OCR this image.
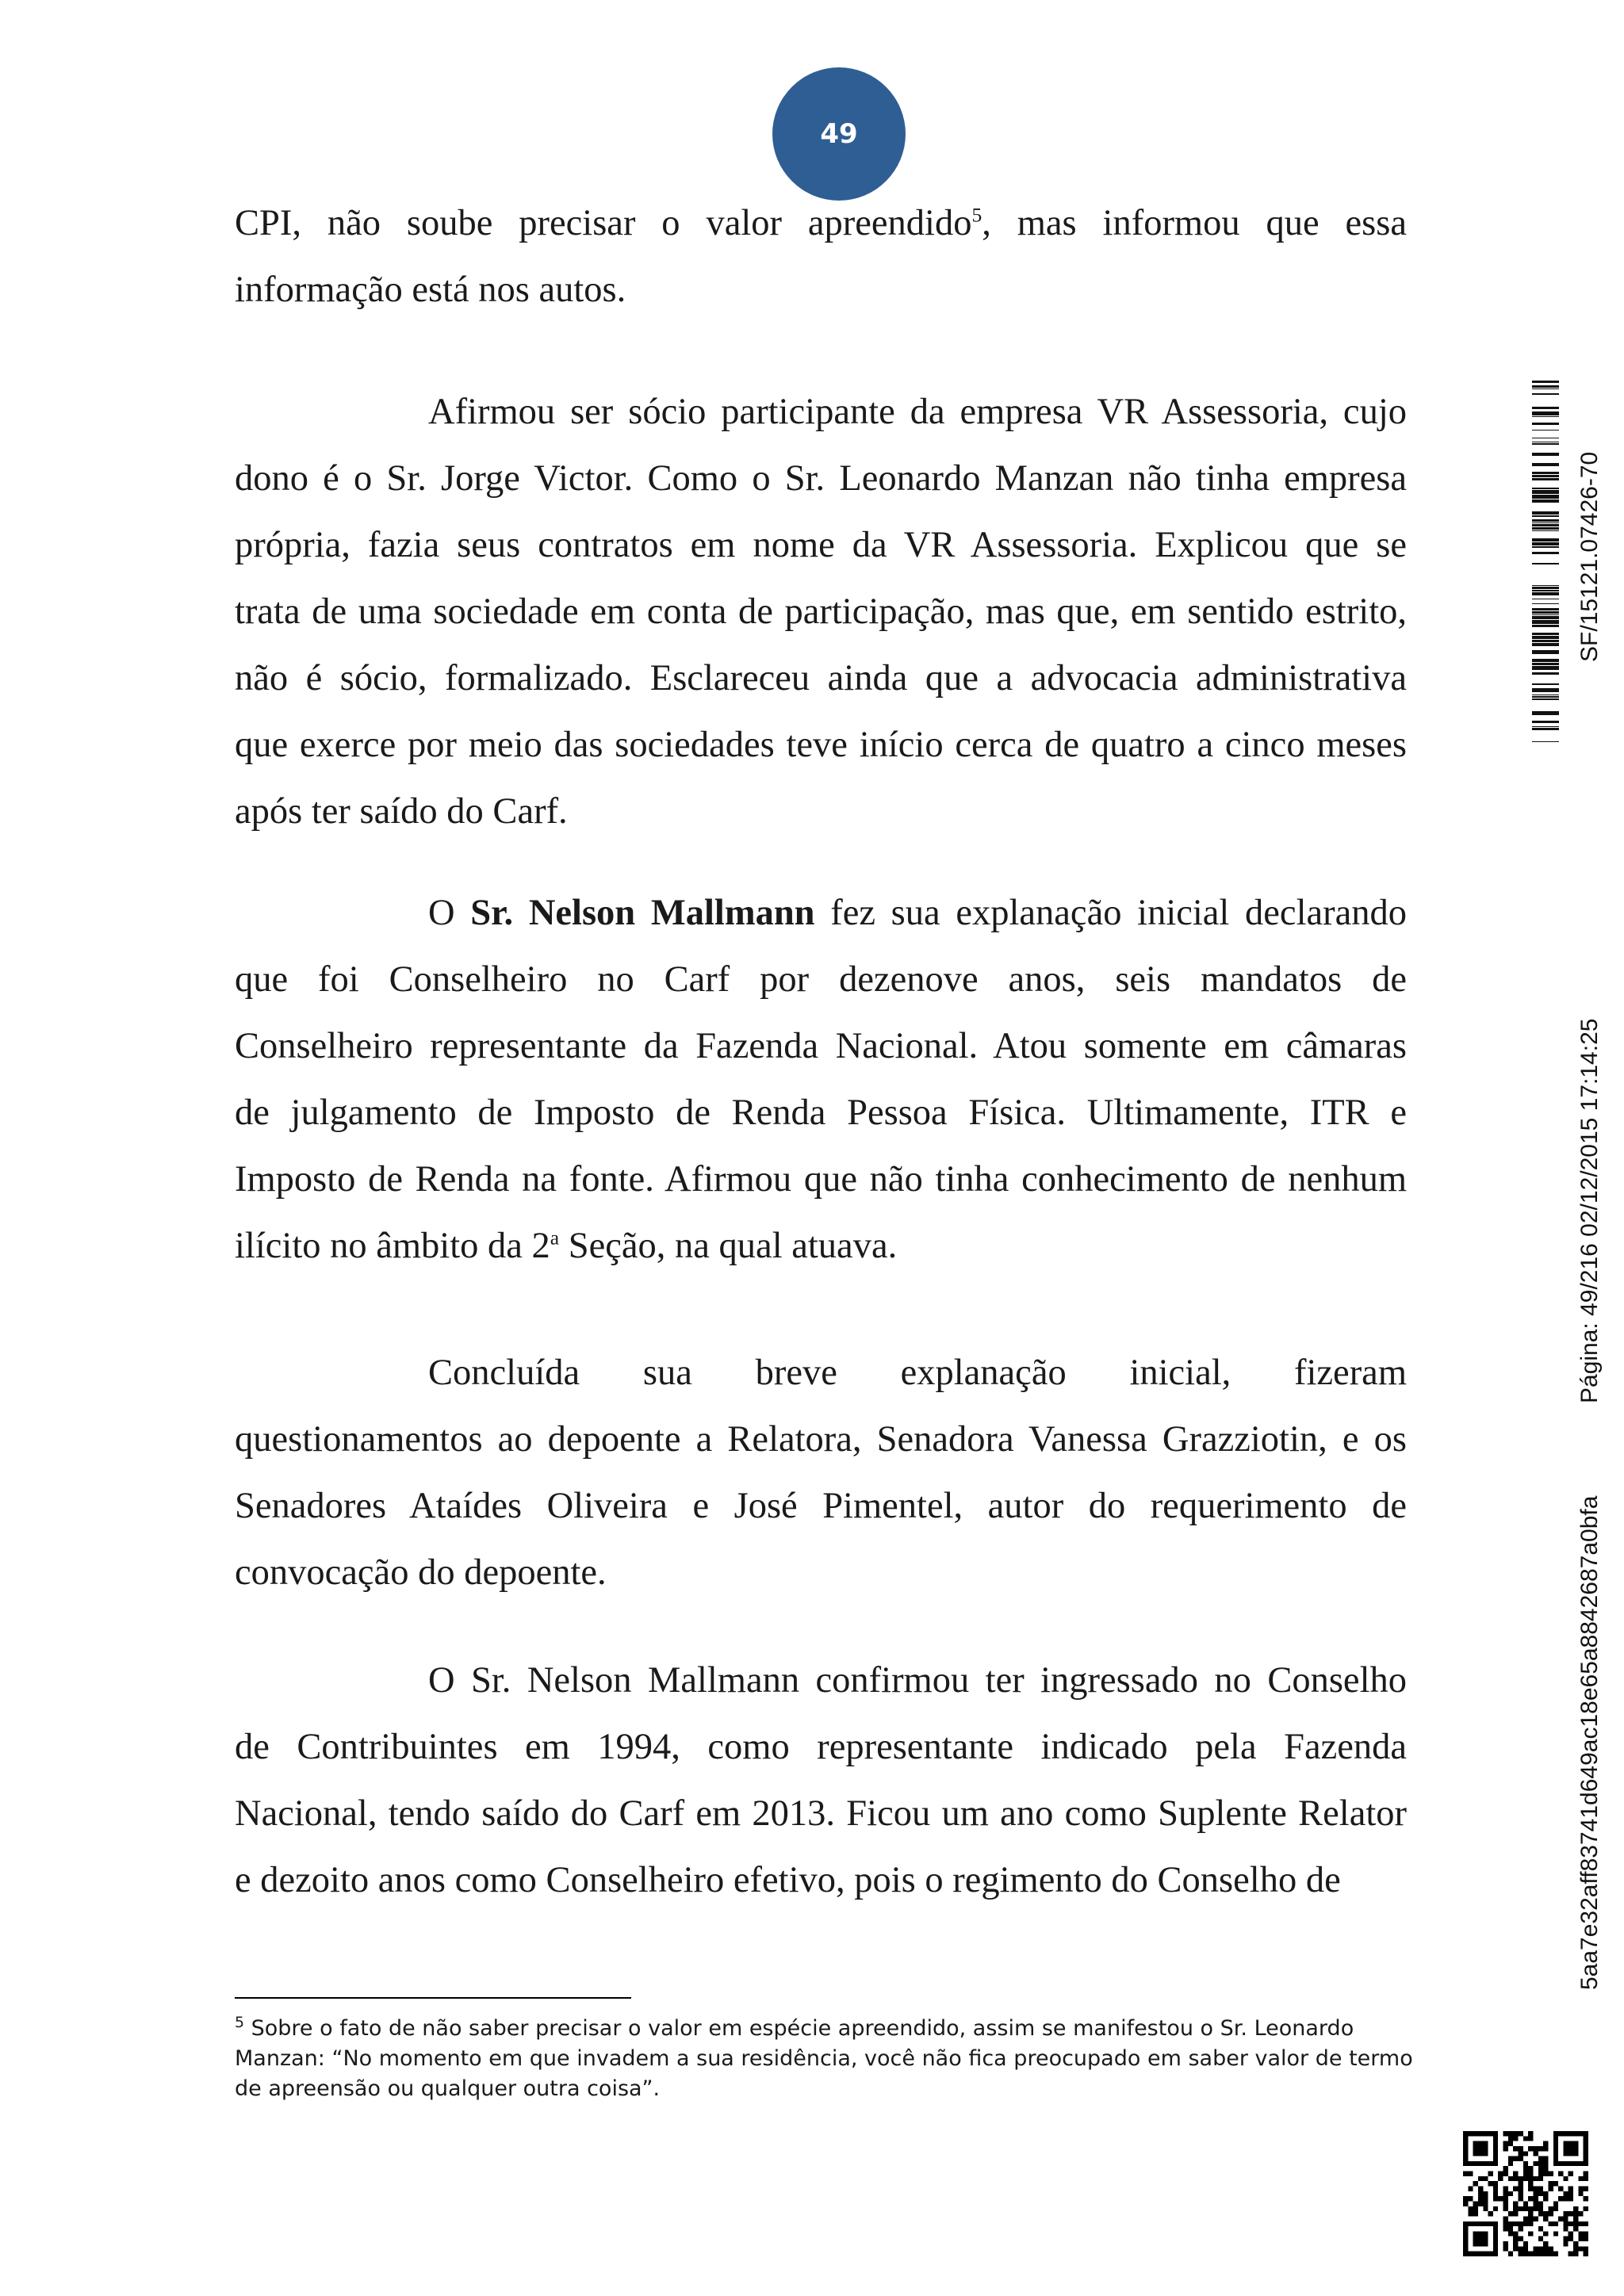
49
CPI, não soube precisar o valor apreendido$^5$, mas informou que essa
informação está nos autos.
Afirmou ser sócio participante da empresa VR Assessoria, cujo
dono é o Sr. Jorge Victor. Como o Sr. Leonardo Manzan não tinha empresa
própria, fazia seus contratos em nome da VR Assessoria. Explicou que se
trata de uma sociedade em conta de participação, mas que, em sentido estrito,
não é sócio, formalizado. Esclareceu ainda que a advocacia administrativa
que exerce por meio das sociedades teve início cerca de quatro a cinco meses
após ter saído do Carf.
O Sr. Nelson Mallmann fez sua explanação inicial declarando
que foi Conselheiro no Carf por dezenove anos, seis mandatos de
Conselheiro representante da Fazenda Nacional. Atou somente em câmaras
de julgamento de Imposto de Renda Pessoa Física. Ultimamente, ITR e
Imposto de Renda na fonte. Afirmou que não tinha conhecimento de nenhum
ilícito no âmbito da 2$^a$ Seção, na qual atuava.
Concluída sua breve explanação inicial, fizeram
questionamentos ao depoente a Relatora, Senadora Vanessa Grazziotin, e os
Senadores Ataídes Oliveira e José Pimentel, autor do requerimento de
convocação do depoente.
O Sr. Nelson Mallmann confirmou ter ingressado no Conselho
de Contribuintes em 1994, como representante indicado pela Fazenda
Nacional, tendo saído do Carf em 2013. Ficou um ano como Suplente Relator
e dezoito anos como Conselheiro efetivo, pois o regimento do Conselho de

$^5$ Sobre o fato de não saber precisar o valor em espécie apreendido, assim se manifestou o Sr. Leonardo Manzan: “No momento em que invadem a sua residência, você não fica preocupado em saber valor de termo de apreensão ou qualquer outra coisa”.

SF/15121.07426-70
Página: 49/216 02/12/2015 17:14:25
5aa7e32aff83741d649ac18e65a8842687a0bfa
